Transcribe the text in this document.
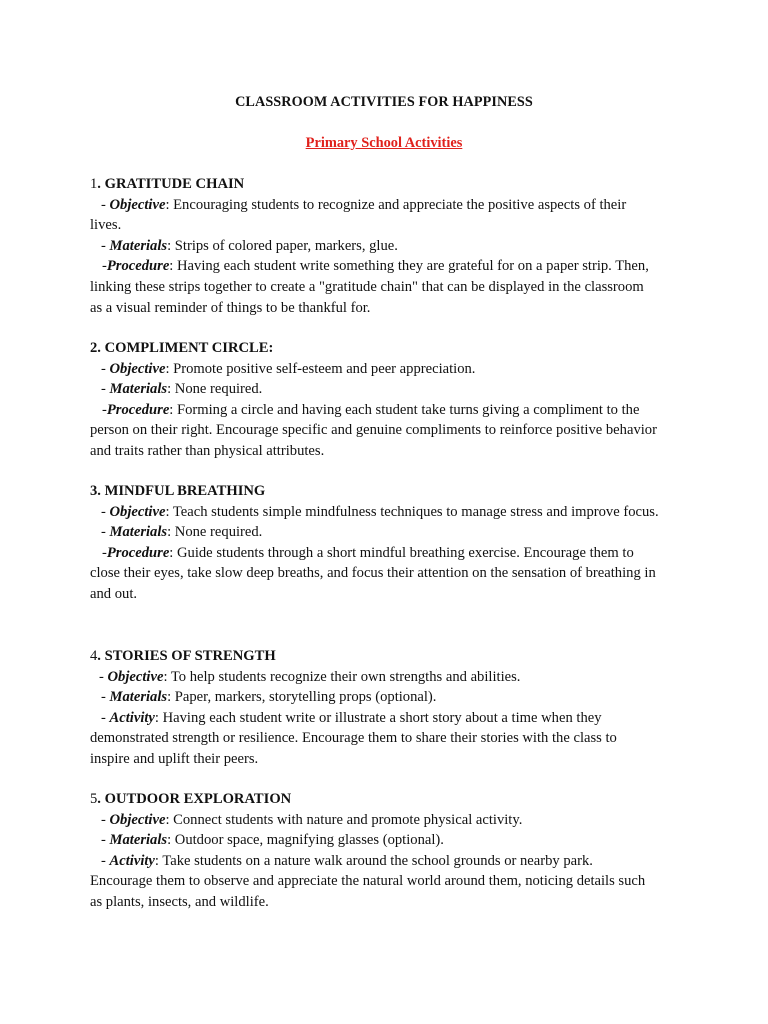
CLASSROOM ACTIVITIES FOR HAPPINESS
Primary School Activities

1. GRATITUDE CHAIN

- Objective: Encouraging students to recognize and appreciate the positive aspects of their

lives.

- Materials: Strips of colored paper, markers, glue.

-Procedure: Having each student write something they are grateful for on a paper strip. Then,

linking these strips together to create a "gratitude chain" that can be displayed in the classroom

as a visual reminder of things to be thankful for.

2. COMPLIMENT CIRCLE:

- Objective: Promote positive self-esteem and peer appreciation.

- Materials: None required.

-Procedure: Forming a circle and having each student take turns giving a compliment to the

person on their right. Encourage specific and genuine compliments to reinforce positive behavior

and traits rather than physical attributes.

3. MINDFUL BREATHING

- Objective: Teach students simple mindfulness techniques to manage stress and improve focus.

- Materials: None required.

-Procedure: Guide students through a short mindful breathing exercise. Encourage them to

close their eyes, take slow deep breaths, and focus their attention on the sensation of breathing in

and out.

4. STORIES OF STRENGTH

- Objective: To help students recognize their own strengths and abilities.

- Materials: Paper, markers, storytelling props (optional).

- Activity: Having each student write or illustrate a short story about a time when they

demonstrated strength or resilience. Encourage them to share their stories with the class to

inspire and uplift their peers.

5. OUTDOOR EXPLORATION

- Objective: Connect students with nature and promote physical activity.

- Materials: Outdoor space, magnifying glasses (optional).

- Activity: Take students on a nature walk around the school grounds or nearby park.

Encourage them to observe and appreciate the natural world around them, noticing details such

as plants, insects, and wildlife.
